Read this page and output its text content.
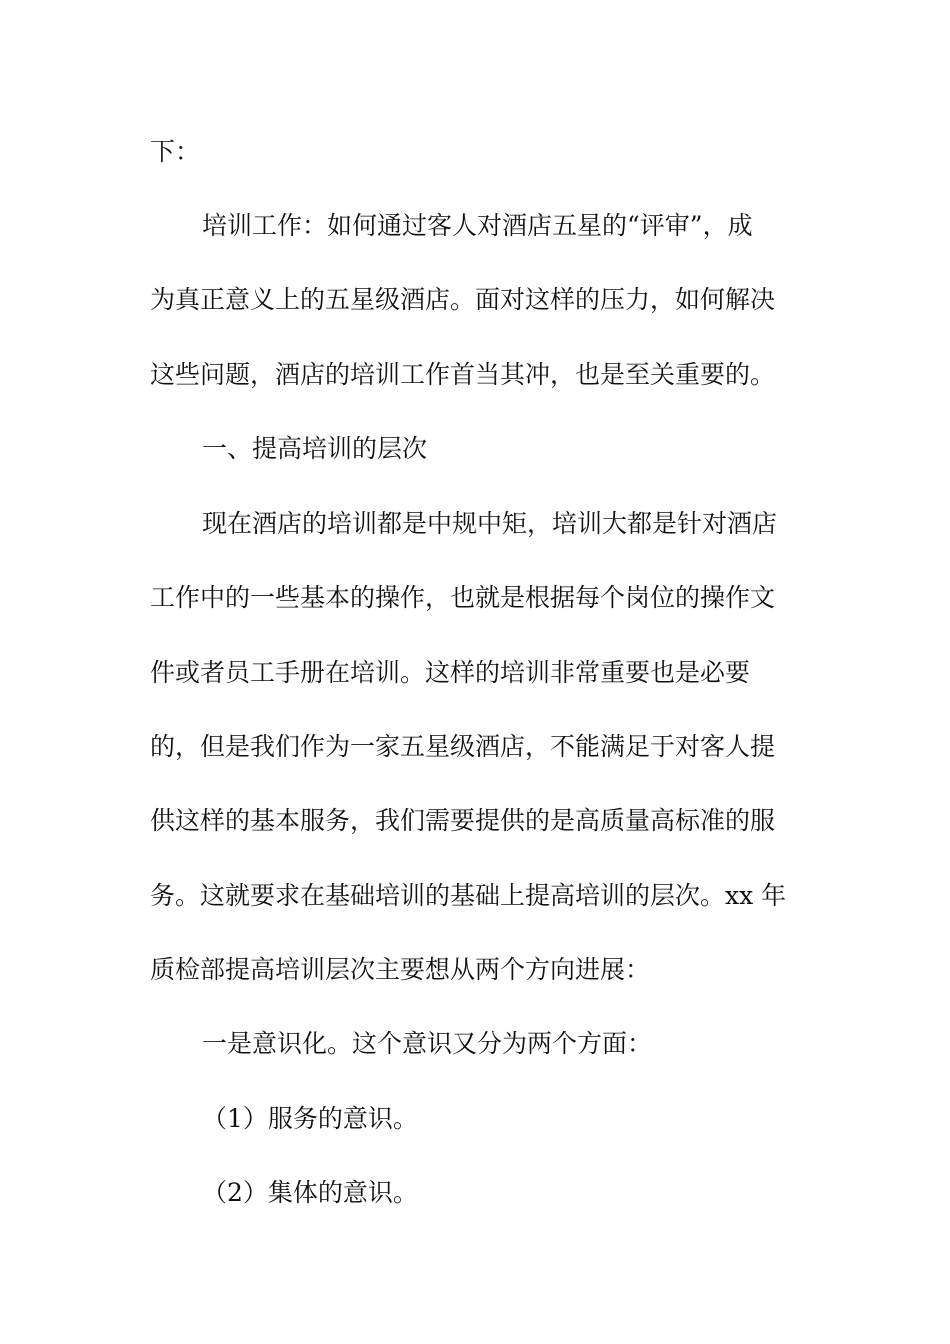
下：
培训工作：如何通过客人对酒店五星的“评审”，成
为真正意义上的五星级酒店。面对这样的压力，如何解决
这些问题，酒店的培训工作首当其冲，也是至关重要的。
一、提高培训的层次
现在酒店的培训都是中规中矩，培训大都是针对酒店
工作中的一些基本的操作，也就是根据每个岗位的操作文
件或者员工手册在培训。这样的培训非常重要也是必要
的，但是我们作为一家五星级酒店，不能满足于对客人提
供这样的基本服务，我们需要提供的是高质量高标准的服
务。这就要求在基础培训的基础上提高培训的层次。xx 年
质检部提高培训层次主要想从两个方向进展：
一是意识化。这个意识又分为两个方面：
（1）服务的意识。
（2）集体的意识。
